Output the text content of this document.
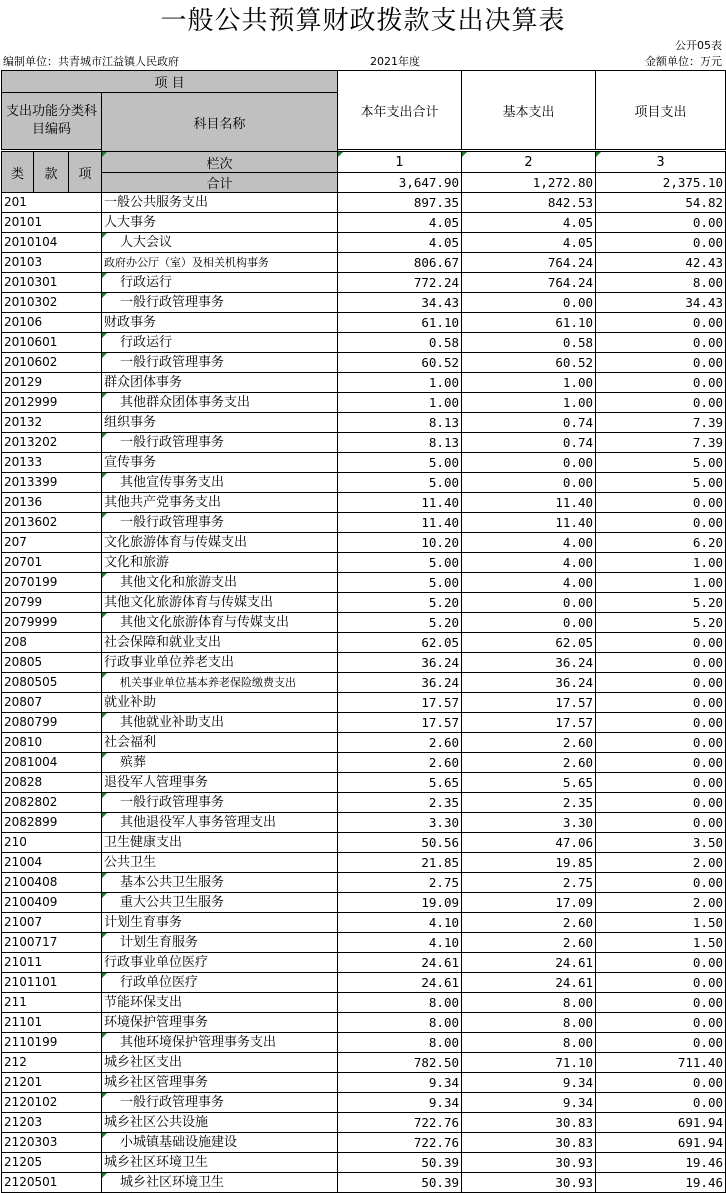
一般公共预算财政拨款支出决算表
公开05表
编制单位：共青城市江益镇人民政府	2021年度	金额单位：万元
项 目				本年支出合计	基本支出	项目支出
支出功能分类科目编码			科目名称			

类	款	项	栏次	1	2	3
			合计	3,647.90	1,272.80	2,375.10
201			一般公共服务支出	897.35	842.53	54.82
20101			人大事务	4.05	4.05	0.00
2010104			人大会议	4.05	4.05	0.00
20103			政府办公厅（室）及相关机构事务	806.67	764.24	42.43
2010301			行政运行	772.24	764.24	8.00
2010302			一般行政管理事务	34.43	0.00	34.43
20106			财政事务	61.10	61.10	0.00
2010601			行政运行	0.58	0.58	0.00
2010602			一般行政管理事务	60.52	60.52	0.00
20129			群众团体事务	1.00	1.00	0.00
2012999			其他群众团体事务支出	1.00	1.00	0.00
20132			组织事务	8.13	0.74	7.39
2013202			一般行政管理事务	8.13	0.74	7.39
20133			宣传事务	5.00	0.00	5.00
2013399			其他宣传事务支出	5.00	0.00	5.00
20136			其他共产党事务支出	11.40	11.40	0.00
2013602			一般行政管理事务	11.40	11.40	0.00
207			文化旅游体育与传媒支出	10.20	4.00	6.20
20701			文化和旅游	5.00	4.00	1.00
2070199			其他文化和旅游支出	5.00	4.00	1.00
20799			其他文化旅游体育与传媒支出	5.20	0.00	5.20
2079999			其他文化旅游体育与传媒支出	5.20	0.00	5.20
208			社会保障和就业支出	62.05	62.05	0.00
20805			行政事业单位养老支出	36.24	36.24	0.00
2080505			机关事业单位基本养老保险缴费支出	36.24	36.24	0.00
20807			就业补助	17.57	17.57	0.00
2080799			其他就业补助支出	17.57	17.57	0.00
20810			社会福利	2.60	2.60	0.00
2081004			殡葬	2.60	2.60	0.00
20828			退役军人管理事务	5.65	5.65	0.00
2082802			一般行政管理事务	2.35	2.35	0.00
2082899			其他退役军人事务管理支出	3.30	3.30	0.00
210			卫生健康支出	50.56	47.06	3.50
21004			公共卫生	21.85	19.85	2.00
2100408			基本公共卫生服务	2.75	2.75	0.00
2100409			重大公共卫生服务	19.09	17.09	2.00
21007			计划生育事务	4.10	2.60	1.50
2100717			计划生育服务	4.10	2.60	1.50
21011			行政事业单位医疗	24.61	24.61	0.00
2101101			行政单位医疗	24.61	24.61	0.00
211			节能环保支出	8.00	8.00	0.00
21101			环境保护管理事务	8.00	8.00	0.00
2110199			其他环境保护管理事务支出	8.00	8.00	0.00
212			城乡社区支出	782.50	71.10	711.40
21201			城乡社区管理事务	9.34	9.34	0.00
2120102			一般行政管理事务	9.34	9.34	0.00
21203			城乡社区公共设施	722.76	30.83	691.94
2120303			小城镇基础设施建设	722.76	30.83	691.94
21205			城乡社区环境卫生	50.39	30.93	19.46
2120501			城乡社区环境卫生	50.39	30.93	19.46
